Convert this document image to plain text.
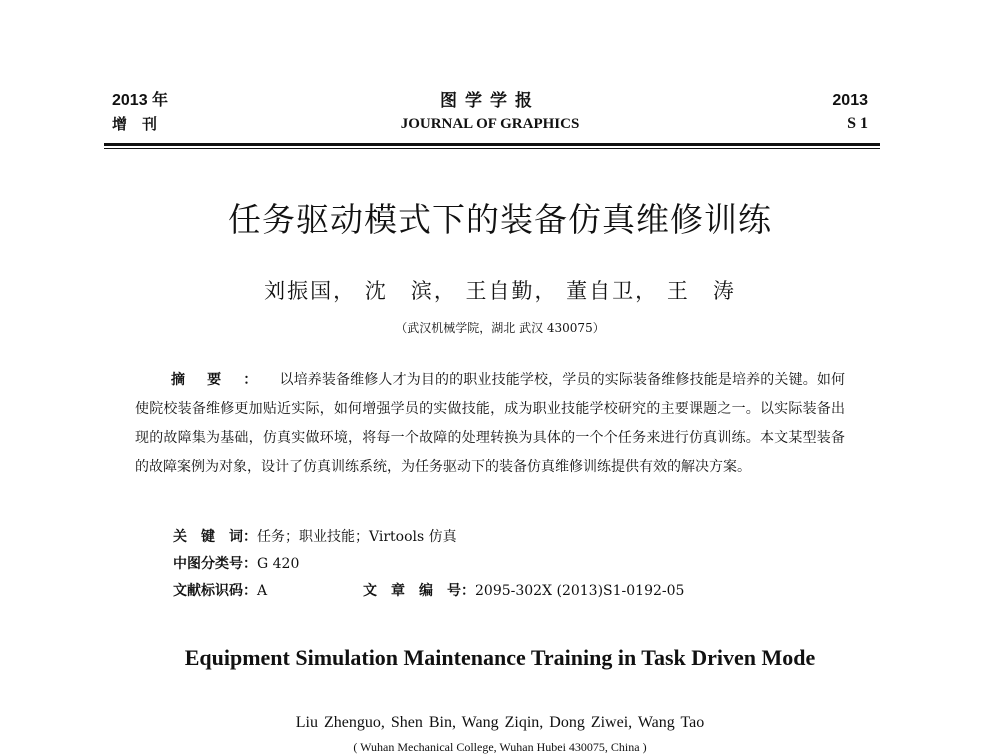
2013 年
增　刊
图学学报
JOURNAL OF GRAPHICS
2013
S 1
任务驱动模式下的装备仿真维修训练
刘振国， 沈　滨， 王自勤， 董自卫， 王　涛
（武汉机械学院，湖北 武汉 430075）
摘要：以培养装备维修人才为目的的职业技能学校，学员的实际装备维修技能是培养的关键。如何使院校装备维修更加贴近实际，如何增强学员的实做技能，成为职业技能学校研究的主要课题之一。以实际装备出现的故障集为基础，仿真实做环境，将每一个故障的处理转换为具体的一个个任务来进行仿真训练。本文某型装备的故障案例为对象，设计了仿真训练系统，为任务驱动下的装备仿真维修训练提供有效的解决方案。
关　键　词：任务；职业技能；Virtools 仿真
中图分类号：G 420
文献标识码：A	文　章　编　号：2095-302X (2013)S1-0192-05
Equipment Simulation Maintenance Training in Task Driven Mode
Liu Zhenguo, Shen Bin, Wang Ziqin, Dong Ziwei, Wang Tao
( Wuhan Mechanical College, Wuhan Hubei 430075, China )
